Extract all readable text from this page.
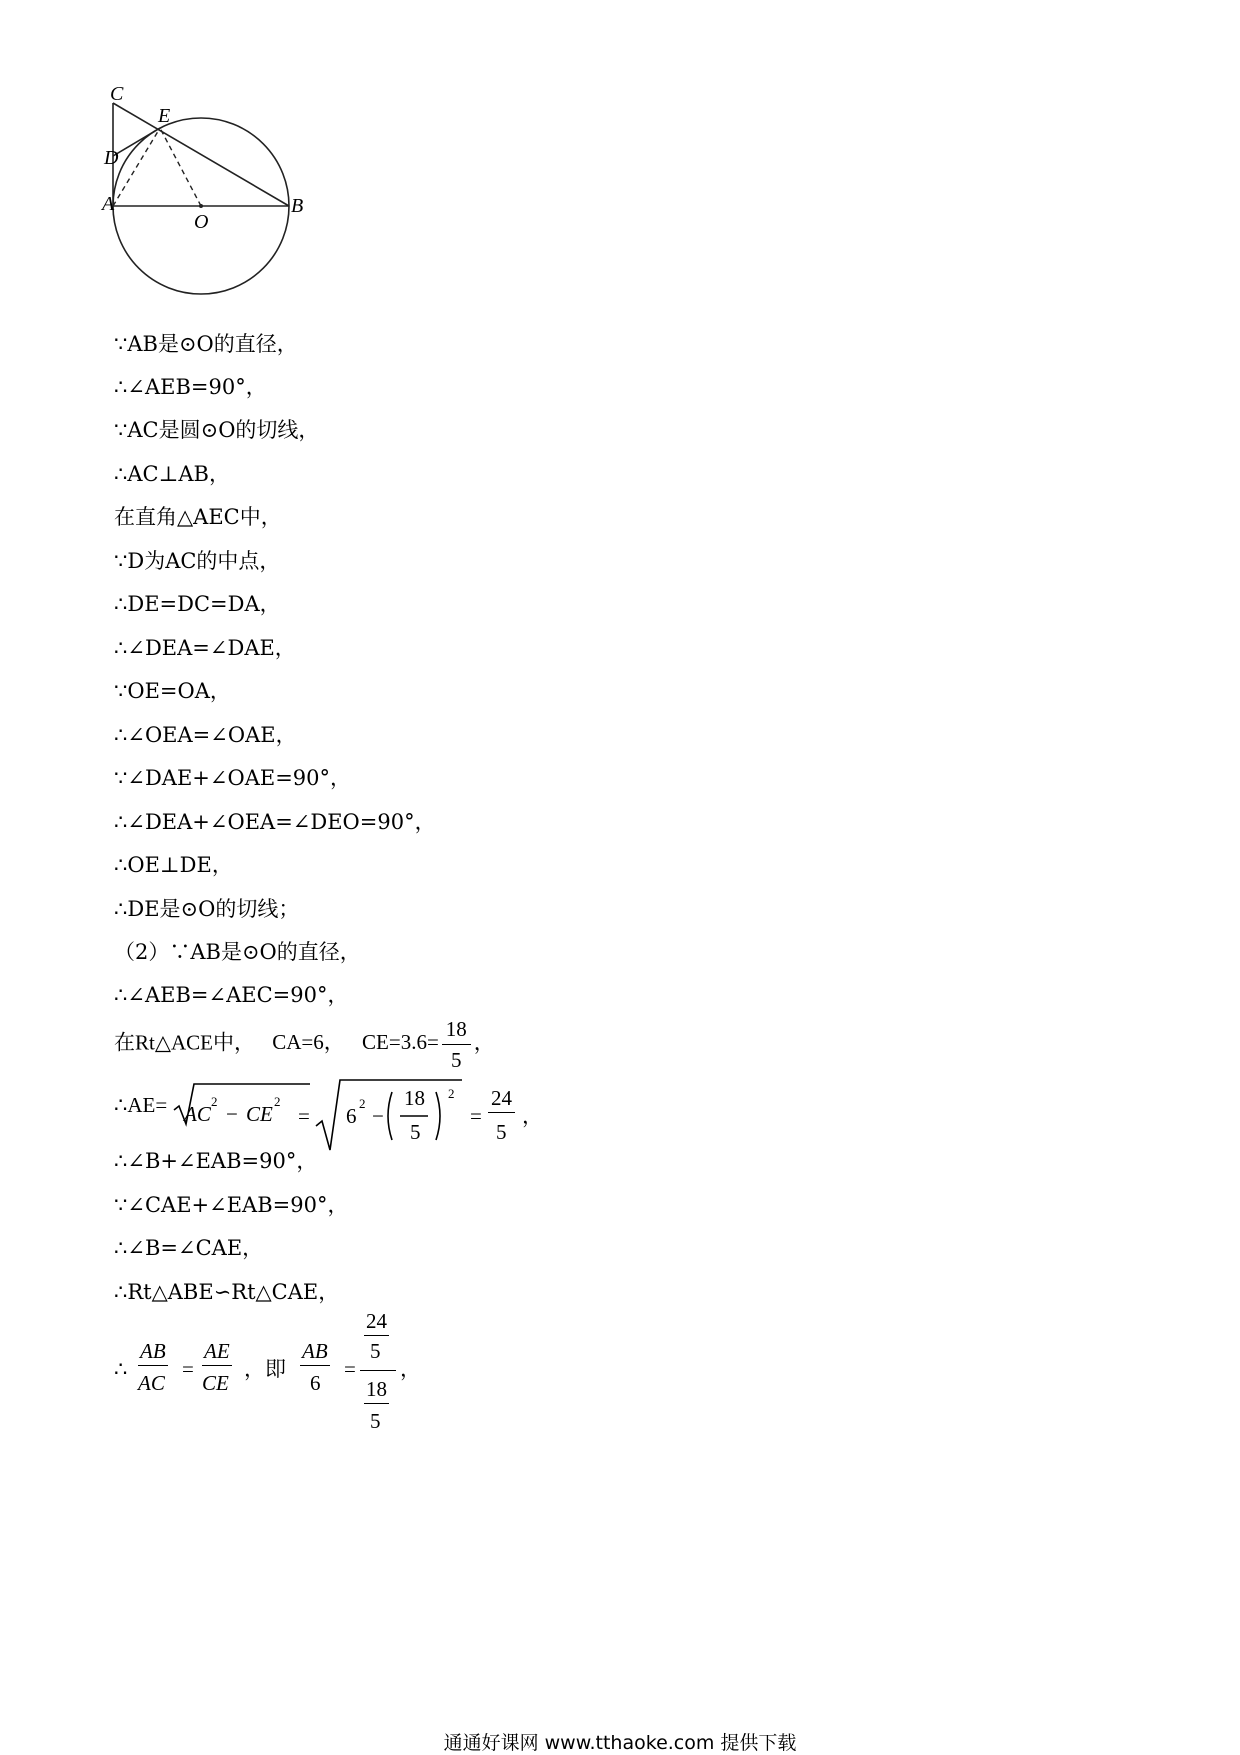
C
E
D
A
O
B
∵AB是⊙O的直径，
∴∠AEB=90°，
∵AC是圆⊙O的切线，
∴AC⊥AB，
在直角△AEC中，
∵D为AC的中点，
∴DE=DC=DA，
∴∠DEA=∠DAE，
∵OE=OA，
∴∠OEA=∠OAE，
∵∠DAE+∠OAE=90°，
∴∠DEA+∠OEA=∠DEO=90°，
∴OE⊥DE，
∴DE是⊙O的切线；
（2）∵AB是⊙O的直径，
∴∠AEB=∠AEC=90°，
在Rt△ACE中， CA=6， $CE=3.6= \frac{18}{5}$ ，
∴AE= AC
2
− CE
2
= 6
2
−
18
5
2
=
24
5
，
∴∠B+∠EAB=90°，
∵∠CAE+∠EAB=90°，
∴∠B=∠CAE，
∴Rt△ABE∽Rt△CAE，
∴
AB
AC
=
AE
CE
，即
AB
6
=
24
5
18
5
，
通通好课网 www.tthaoke.com 提供下载
